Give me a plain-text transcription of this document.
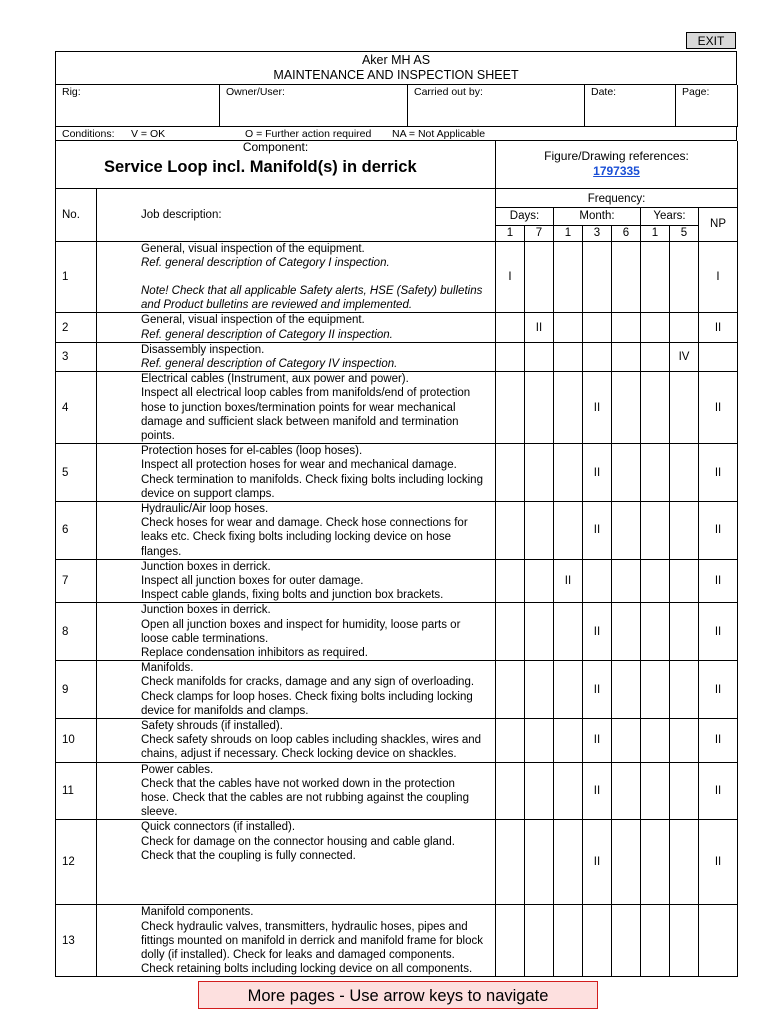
EXIT
Aker MH AS
MAINTENANCE AND INSPECTION SHEET
Rig:	Owner/User:	Carried out by:	Date:	Page:
Conditions: V = OK	O = Further action required NA = Not Applicable
Component:
Service Loop incl. Manifold(s) in derrick

Figure/Drawing references:
1797335
No.	Job description:	Frequency:							
		Days:		Month:			Years:		NP
		1	7	1	3	6	1	5	
1	General, visual inspection of the equipment.
Ref. general description of Category I inspection.
Note! Check that all applicable Safety alerts, HSE (Safety) bulletins
and Product bulletins are reviewed and implemented.	I							I
2	General, visual inspection of the equipment.
Ref. general description of Category II inspection.		II						II
3	Disassembly inspection.
Ref. general description of Category IV inspection.							IV	
4	Electrical cables (Instrument, aux power and power).
Inspect all electrical loop cables from manifolds/end of protection
hose to junction boxes/termination points for wear mechanical
damage and sufficient slack between manifold and termination
points.				II				II
5	Protection hoses for el-cables (loop hoses).
Inspect all protection hoses for wear and mechanical damage.
Check termination to manifolds. Check fixing bolts including locking
device on support clamps.				II				II
6	Hydraulic/Air loop hoses.
Check hoses for wear and damage. Check hose connections for
leaks etc. Check fixing bolts including locking device on hose
flanges.				II				II
7	Junction boxes in derrick.
Inspect all junction boxes for outer damage.
Inspect cable glands, fixing bolts and junction box brackets.			II					II
8	Junction boxes in derrick.
Open all junction boxes and inspect for humidity, loose parts or
loose cable terminations.
Replace condensation inhibitors as required.				II				II
9	Manifolds.
Check manifolds for cracks, damage and any sign of overloading.
Check clamps for loop hoses. Check fixing bolts including locking
device for manifolds and clamps.				II				II
10	Safety shrouds (if installed).
Check safety shrouds on loop cables including shackles, wires and
chains, adjust if necessary. Check locking device on shackles.				II				II
11	Power cables.
Check that the cables have not worked down in the protection
hose. Check that the cables are not rubbing against the coupling
sleeve.				II				II
12	Quick connectors (if installed).
Check for damage on the connector housing and cable gland.
Check that the coupling is fully connected.				II				II
13	Manifold components.
Check hydraulic valves, transmitters, hydraulic hoses, pipes and
fittings mounted on manifold in derrick and manifold frame for block
dolly (if installed). Check for leaks and damaged components.
Check retaining bolts including locking device on all components.								

More pages - Use arrow keys to navigate
